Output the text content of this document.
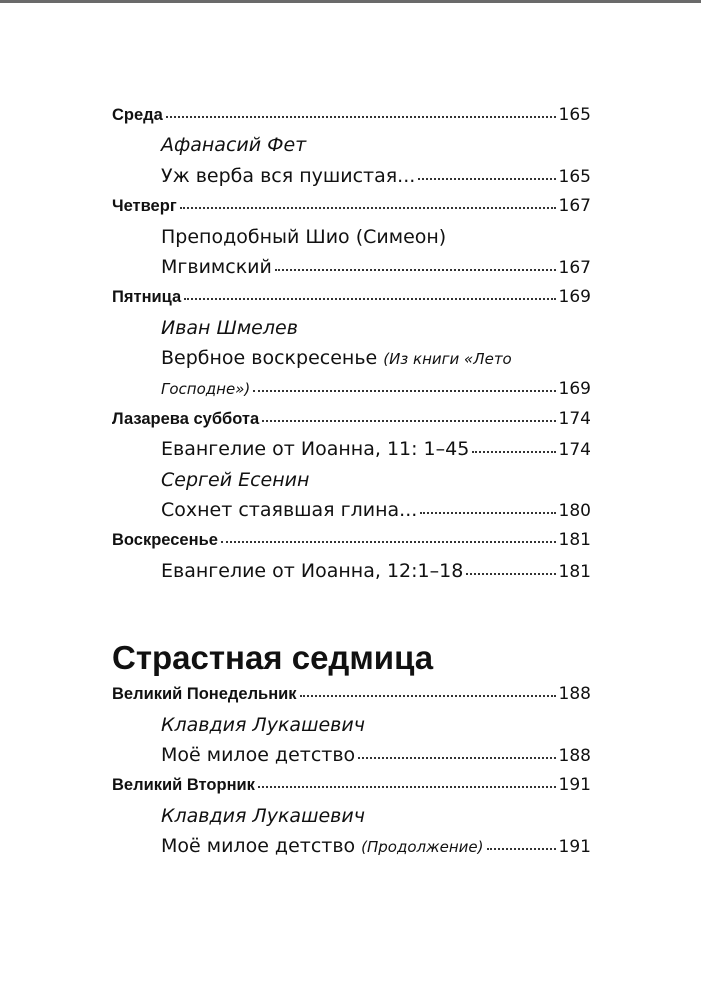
Среда	165
Афанасий Фет
Уж верба вся пушистая...	165
Четверг	167
Преподобный Шио (Симеон)
Мгвимский	167
Пятница	169
Иван Шмелев
Вербное воскресенье (Из книги «Лето
Господне»)	169
Лазарева суббота	174
Евангелие от Иоанна, 11: 1–45	174
Сергей Есенин
Сохнет стаявшая глина...	180
Воскресенье	181
Евангелие от Иоанна, 12:1–18	181
Страстная седмица
Великий Понедельник	188
Клавдия Лукашевич
Моё милое детство	188
Великий Вторник	191
Клавдия Лукашевич
Моё милое детство (Продолжение)	191
